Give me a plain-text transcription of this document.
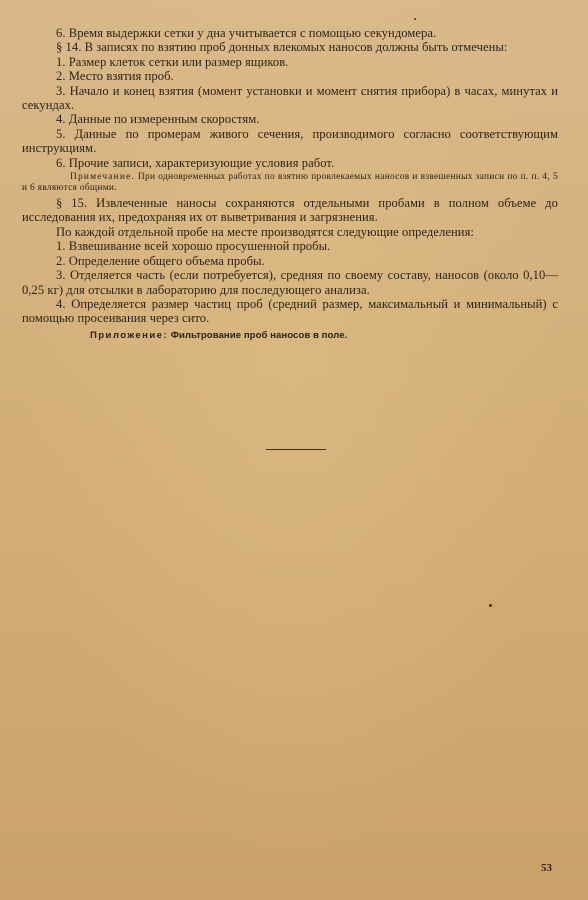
6. Время выдержки сетки у дна учитывается с помощью секундомера.

§ 14. В записях по взятию проб донных влекомых наносов должны быть отмечены:

1. Размер клеток сетки или размер ящиков.

2. Место взятия проб.

3. Начало и конец взятия (момент установки и момент снятия прибора) в часах, минутах и секундах.

4. Данные по измеренным скоростям.

5. Данные по промерам живого сечения, производимого согласно соответствующим инструкциям.

6. Прочие записи, характеризующие условия работ.

Примечание. При одновременных работах по взятию провлекаемых наносов и взвешенных записи по п. п. 4, 5 и 6 являются общими.

§ 15. Извлеченные наносы сохраняются отдельными пробами в полном объеме до исследования их, предохраняя их от выветривания и загрязнения.

По каждой отдельной пробе на месте производятся следующие определения:

1. Взвешивание всей хорошо просушенной пробы.

2. Определение общего объема пробы.

3. Отделяется часть (если потребуется), средняя по своему составу, наносов (около 0,10—0,25 кг) для отсылки в лабораторию для последующего анализа.

4. Определяется размер частиц проб (средний размер, максимальный и минимальный) с помощью просеивания через сито.

Приложение: Фильтрование проб наносов в поле.

53
